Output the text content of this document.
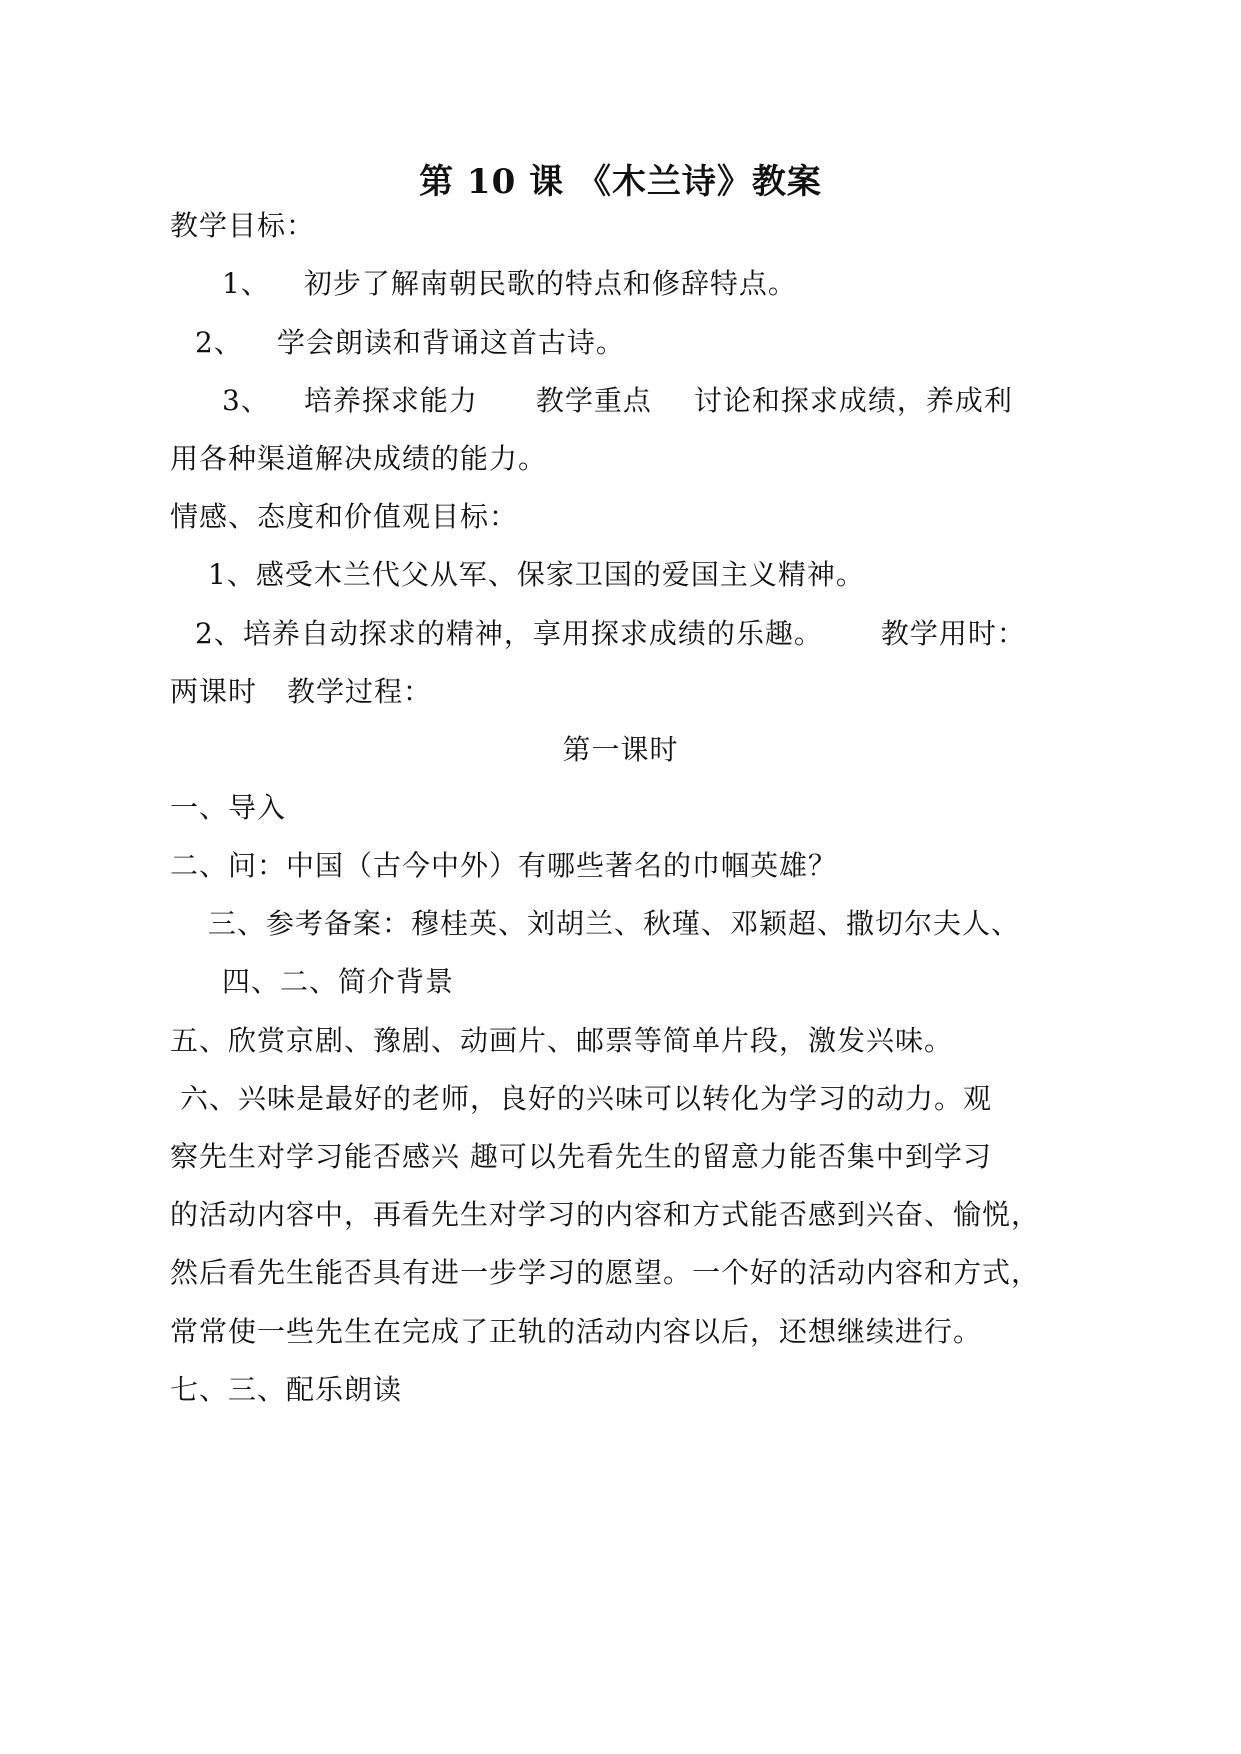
第 10 课 《木兰诗》教案
教学目标：
1、 初步了解南朝民歌的特点和修辞特点。
2、 学会朗读和背诵这首古诗。
3、 培养探求能力 教学重点 讨论和探求成绩，养成利
用各种渠道解决成绩的能力。
情感、态度和价值观目标：
1、感受木兰代父从军、保家卫国的爱国主义精神。
2、培养自动探求的精神，享用探求成绩的乐趣。 教学用时：
两课时 教学过程：
第一课时
一、导入
二、问：中国（古今中外）有哪些著名的巾帼英雄？
三、参考备案：穆桂英、刘胡兰、秋瑾、邓颖超、撒切尔夫人、
四、二、简介背景
五、欣赏京剧、豫剧、动画片、邮票等简单片段，激发兴味。
六、兴味是最好的老师，良好的兴味可以转化为学习的动力。观
察先生对学习能否感兴 趣可以先看先生的留意力能否集中到学习
的活动内容中，再看先生对学习的内容和方式能否感到兴奋、愉悦，
然后看先生能否具有进一步学习的愿望。一个好的活动内容和方式，
常常使一些先生在完成了正轨的活动内容以后，还想继续进行。
七、三、配乐朗读
